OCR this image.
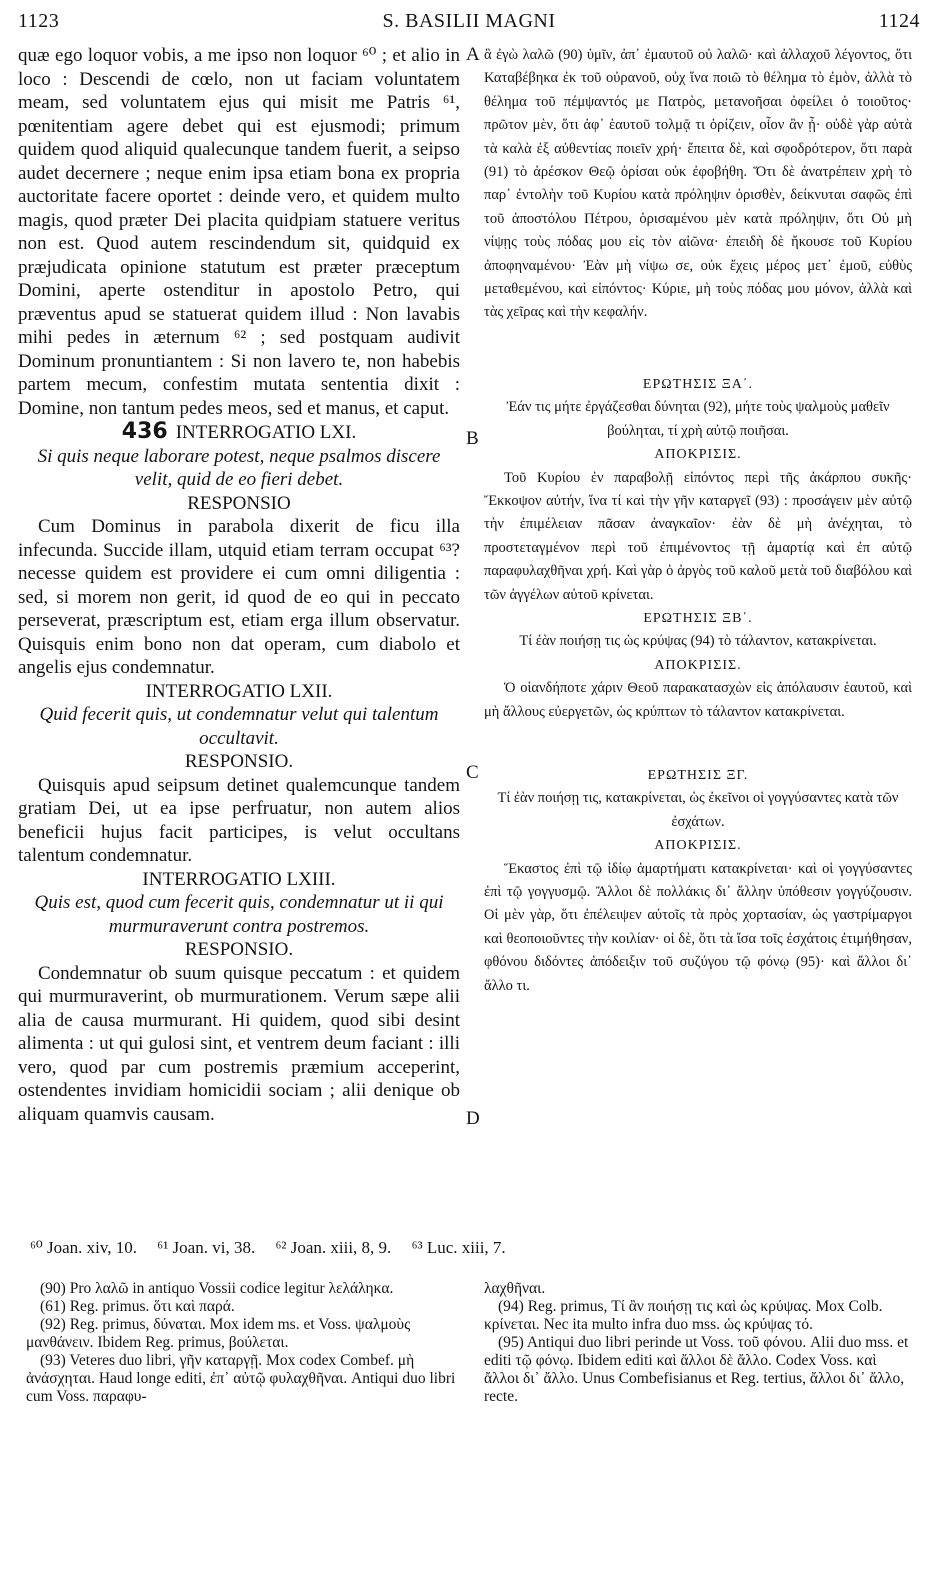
1123	S. BASILII MAGNI	1124
A
B
C
D

quæ ego loquor vobis, a me ipso non loquor ⁶⁰ ; et alio in loco : Descendi de cœlo, non ut faciam voluntatem meam, sed voluntatem ejus qui misit me Patris ⁶¹, pœnitentiam agere debet qui est ejusmodi; primum quidem quod aliquid qualecunque tandem fuerit, a seipso audet decernere ; neque enim ipsa etiam bona ex propria auctoritate facere oportet : deinde vero, et quidem multo magis, quod præter Dei placita quidpiam statuere veritus non est. Quod autem rescindendum sit, quidquid ex præjudicata opinione statutum est præter præceptum Domini, aperte ostenditur in apostolo Petro, qui præventus apud se statuerat quidem illud : Non lavabis mihi pedes in æternum ⁶² ; sed postquam audivit Dominum pronuntiantem : Si non lavero te, non habebis partem mecum, confestim mutata sententia dixit : Domine, non tantum pedes meos, sed et manus, et caput.

436 INTERROGATIO LXI.

Si quis neque laborare potest, neque psalmos discere velit, quid de eo fieri debet.

RESPONSIO

Cum Dominus in parabola dixerit de ficu illa infecunda. Succide illam, utquid etiam terram occupat ⁶³? necesse quidem est providere ei cum omni diligentia : sed, si morem non gerit, id quod de eo qui in peccato perseverat, præscriptum est, etiam erga illum observatur. Quisquis enim bono non dat operam, cum diabolo et angelis ejus condemnatur.

INTERROGATIO LXII.

Quid fecerit quis, ut condemnatur velut qui talentum occultavit.

RESPONSIO.

Quisquis apud seipsum detinet qualemcunque tandem gratiam Dei, ut ea ipse perfruatur, non autem alios beneficii hujus facit participes, is velut occultans talentum condemnatur.

INTERROGATIO LXIII.

Quis est, quod cum fecerit quis, condemnatur ut ii qui murmuraverunt contra postremos.

RESPONSIO.

Condemnatur ob suum quisque peccatum : et quidem qui murmuraverint, ob murmurationem. Verum sæpe alii alia de causa murmurant. Hi quidem, quod sibi desint alimenta : ut qui gulosi sint, et ventrem deum faciant : illi vero, quod par cum postremis præmium acceperint, ostendentes invidiam homicidii sociam ; alii denique ob aliquam quamvis causam.

ἃ ἐγὼ λαλῶ (90) ὑμῖν, ἀπ᾿ ἐμαυτοῦ οὐ λαλῶ· καὶ ἀλλαχοῦ λέγοντος, ὅτι Καταβέβηκα ἐκ τοῦ οὐρανοῦ, οὐχ ἵνα ποιῶ τὸ θέλημα τὸ ἐμὸν, ἀλλὰ τὸ θέλημα τοῦ πέμψαντός με Πατρὸς, μετανοῆσαι ὀφείλει ὁ τοιοῦτος· πρῶτον μὲν, ὅτι ἀφ᾿ ἑαυτοῦ τολμᾷ τι ὁρίζειν, οἷον ἂν ᾖ· οὐδὲ γὰρ αὐτὰ τὰ καλὰ ἐξ αὐθεντίας ποιεῖν χρή· ἔπειτα δὲ, καὶ σφοδρότερον, ὅτι παρὰ (91) τὸ ἀρέσκον Θεῷ ὁρίσαι οὐκ ἐφοβήθη. Ὅτι δὲ ἀνατρέπειν χρὴ τὸ παρ᾿ ἐντολὴν τοῦ Κυρίου κατὰ πρόληψιν ὁρισθὲν, δείκνυται σαφῶς ἐπὶ τοῦ ἀποστόλου Πέτρου, ὁρισαμένου μὲν κατὰ πρόληψιν, ὅτι Οὐ μὴ νίψῃς τοὺς πόδας μου εἰς τὸν αἰῶνα· ἐπειδὴ δὲ ἤκουσε τοῦ Κυρίου ἀποφηναμένου· Ἐὰν μὴ νίψω σε, οὐκ ἔχεις μέρος μετ᾿ ἐμοῦ, εὐθὺς μεταθεμένου, καὶ εἰπόντος· Κύριε, μὴ τοὺς πόδας μου μόνον, ἀλλὰ καὶ τὰς χεῖρας καὶ τὴν κεφαλήν.

ΕΡΩΤΗΣΙΣ ΞΑ΄.

Ἐάν τις μήτε ἐργάζεσθαι δύνηται (92), μήτε τοὺς ψαλμοὺς μαθεῖν βούληται, τί χρὴ αὐτῷ ποιῆσαι.

ΑΠΟΚΡΙΣΙΣ.

Τοῦ Κυρίου ἐν παραβολῇ εἰπόντος περὶ τῆς ἀκάρπου συκῆς· Ἔκκοψον αὐτήν, ἵνα τί καὶ τὴν γῆν καταργεῖ (93) : προσάγειν μὲν αὐτῷ τὴν ἐπιμέλειαν πᾶσαν ἀναγκαῖον· ἐὰν δὲ μὴ ἀνέχηται, τὸ προστεταγμένον περὶ τοῦ ἐπιμένοντος τῇ ἁμαρτίᾳ καὶ ἐπ αὐτῷ παραφυλαχθῆναι χρή. Καὶ γὰρ ὁ ἀργὸς τοῦ καλοῦ μετὰ τοῦ διαβόλου καὶ τῶν ἀγγέλων αὐτοῦ κρίνεται.

ΕΡΩΤΗΣΙΣ ΞΒ΄.

Τί ἐὰν ποιήσῃ τις ὡς κρύψας (94) τὸ τάλαντον, κατακρίνεται.

ΑΠΟΚΡΙΣΙΣ.

Ὁ οἱανδήποτε χάριν Θεοῦ παρακατασχὼν εἰς ἀπόλαυσιν ἑαυτοῦ, καὶ μὴ ἄλλους εὐεργετῶν, ὡς κρύπτων τὸ τάλαντον κατακρίνεται.

ΕΡΩΤΗΣΙΣ ΞΓ.

Τί ἐὰν ποιήσῃ τις, κατακρίνεται, ὡς ἐκεῖνοι οἱ γογγύσαντες κατὰ τῶν ἐσχάτων.

ΑΠΟΚΡΙΣΙΣ.

Ἕκαστος ἐπὶ τῷ ἰδίῳ ἁμαρτήματι κατακρίνεται· καὶ οἱ γογγύσαντες ἐπὶ τῷ γογγυσμῷ. Ἄλλοι δὲ πολλάκις δι᾿ ἄλλην ὑπόθεσιν γογγύζουσιν. Οἱ μὲν γὰρ, ὅτι ἐπέλειψεν αὐτοῖς τὰ πρὸς χορτασίαν, ὡς γαστρίμαργοι καὶ θεοποιοῦντες τὴν κοιλίαν· οἱ δὲ, ὅτι τὰ ἴσα τοῖς ἐσχάτοις ἐτιμήθησαν, φθόνου διδόντες ἀπόδειξιν τοῦ συζύγου τῷ φόνῳ (95)· καὶ ἄλλοι δι᾿ ἄλλο τι.

⁶⁰ Joan. xiv, 10. ⁶¹ Joan. vi, 38. ⁶² Joan. xiii, 8, 9. ⁶³ Luc. xiii, 7.

(90) Pro λαλῶ in antiquo Vossii codice legitur λελάληκα.

(61) Reg. primus. ὅτι καὶ παρά.

(92) Reg. primus, δύναται. Mox idem ms. et Voss. ψαλμοὺς μανθάνειν. Ibidem Reg. primus, βούλεται.

(93) Veteres duo libri, γῆν καταργῇ. Mox codex Combef. μὴ ἀνάσχηται. Haud longe editi, ἐπ᾿ αὐτῷ φυλαχθῆναι. Antiqui duo libri cum Voss. παραφυ-

λαχθῆναι.

(94) Reg. primus, Τί ἂν ποιήσῃ τις καὶ ὡς κρύψας. Mox Colb. κρίνεται. Nec ita multo infra duo mss. ὡς κρύψας τό.

(95) Antiqui duo libri perinde ut Voss. τοῦ φόνου. Alii duo mss. et editi τῷ φόνῳ. Ibidem editi καὶ ἄλλοι δὲ ἄλλο. Codex Voss. καὶ ἄλλοι δι᾿ ἄλλο. Unus Combefisianus et Reg. tertius, ἄλλοι δι᾿ ἄλλο, recte.
